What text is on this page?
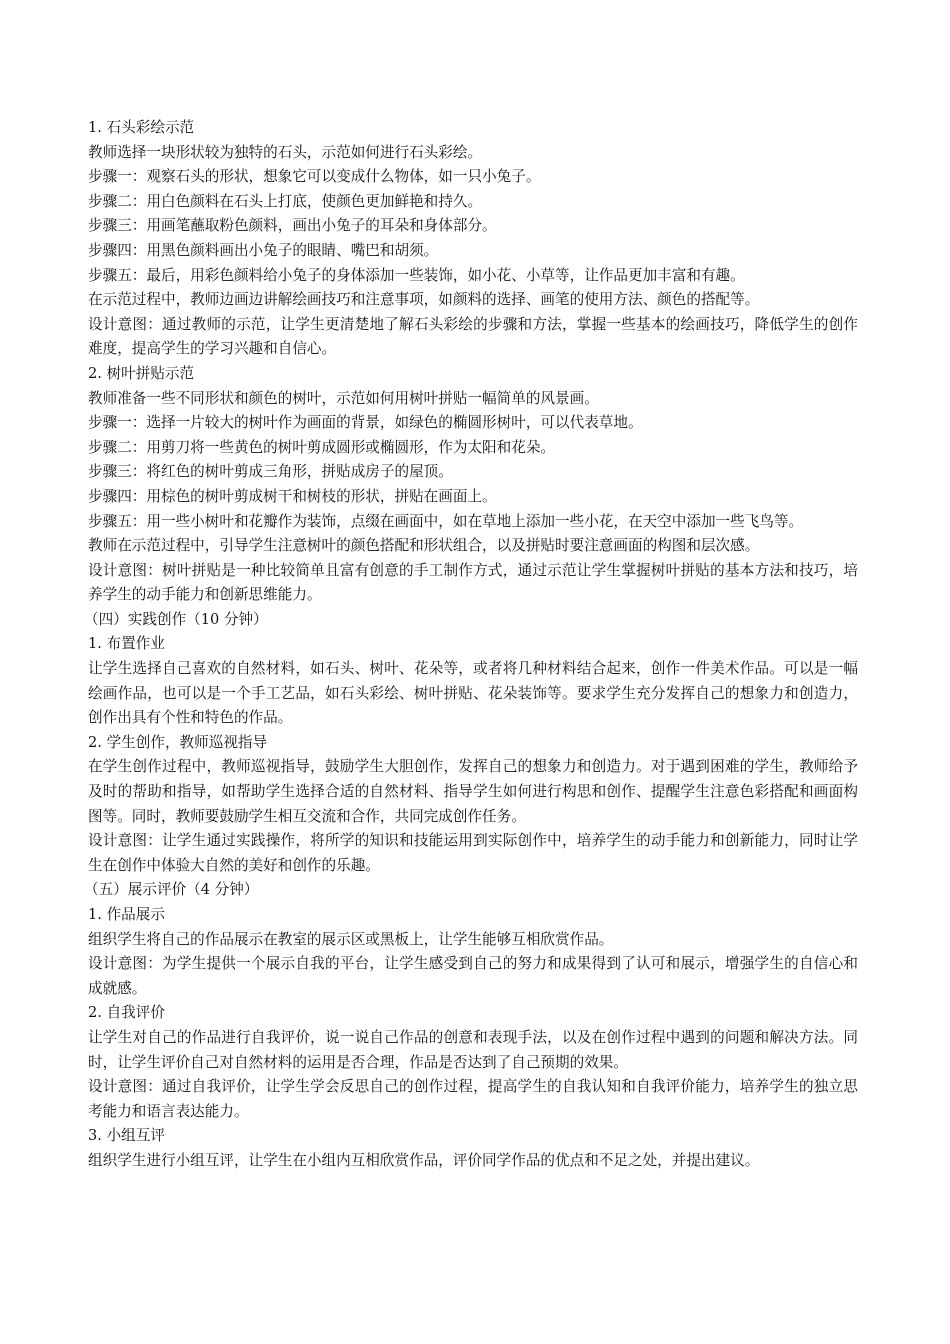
1. 石头彩绘示范
教师选择一块形状较为独特的石头，示范如何进行石头彩绘。
步骤一：观察石头的形状，想象它可以变成什么物体，如一只小兔子。
步骤二：用白色颜料在石头上打底，使颜色更加鲜艳和持久。
步骤三：用画笔蘸取粉色颜料，画出小兔子的耳朵和身体部分。
步骤四：用黑色颜料画出小兔子的眼睛、嘴巴和胡须。
步骤五：最后，用彩色颜料给小兔子的身体添加一些装饰，如小花、小草等，让作品更加丰富和有趣。
在示范过程中，教师边画边讲解绘画技巧和注意事项，如颜料的选择、画笔的使用方法、颜色的搭配等。
设计意图：通过教师的示范，让学生更清楚地了解石头彩绘的步骤和方法，掌握一些基本的绘画技巧，降低学生的创作难度，提高学生的学习兴趣和自信心。
2. 树叶拼贴示范
教师准备一些不同形状和颜色的树叶，示范如何用树叶拼贴一幅简单的风景画。
步骤一：选择一片较大的树叶作为画面的背景，如绿色的椭圆形树叶，可以代表草地。
步骤二：用剪刀将一些黄色的树叶剪成圆形或椭圆形，作为太阳和花朵。
步骤三：将红色的树叶剪成三角形，拼贴成房子的屋顶。
步骤四：用棕色的树叶剪成树干和树枝的形状，拼贴在画面上。
步骤五：用一些小树叶和花瓣作为装饰，点缀在画面中，如在草地上添加一些小花，在天空中添加一些飞鸟等。
教师在示范过程中，引导学生注意树叶的颜色搭配和形状组合，以及拼贴时要注意画面的构图和层次感。
设计意图：树叶拼贴是一种比较简单且富有创意的手工制作方式，通过示范让学生掌握树叶拼贴的基本方法和技巧，培养学生的动手能力和创新思维能力。
（四）实践创作（10 分钟）
1. 布置作业
让学生选择自己喜欢的自然材料，如石头、树叶、花朵等，或者将几种材料结合起来，创作一件美术作品。可以是一幅绘画作品，也可以是一个手工艺品，如石头彩绘、树叶拼贴、花朵装饰等。要求学生充分发挥自己的想象力和创造力，创作出具有个性和特色的作品。
2. 学生创作，教师巡视指导
在学生创作过程中，教师巡视指导，鼓励学生大胆创作，发挥自己的想象力和创造力。对于遇到困难的学生，教师给予及时的帮助和指导，如帮助学生选择合适的自然材料、指导学生如何进行构思和创作、提醒学生注意色彩搭配和画面构图等。同时，教师要鼓励学生相互交流和合作，共同完成创作任务。
设计意图：让学生通过实践操作，将所学的知识和技能运用到实际创作中，培养学生的动手能力和创新能力，同时让学生在创作中体验大自然的美好和创作的乐趣。
（五）展示评价（4 分钟）
1. 作品展示
组织学生将自己的作品展示在教室的展示区或黑板上，让学生能够互相欣赏作品。
设计意图：为学生提供一个展示自我的平台，让学生感受到自己的努力和成果得到了认可和展示，增强学生的自信心和成就感。
2. 自我评价
让学生对自己的作品进行自我评价，说一说自己作品的创意和表现手法，以及在创作过程中遇到的问题和解决方法。同时，让学生评价自己对自然材料的运用是否合理，作品是否达到了自己预期的效果。
设计意图：通过自我评价，让学生学会反思自己的创作过程，提高学生的自我认知和自我评价能力，培养学生的独立思考能力和语言表达能力。
3. 小组互评
组织学生进行小组互评，让学生在小组内互相欣赏作品，评价同学作品的优点和不足之处，并提出建议。
